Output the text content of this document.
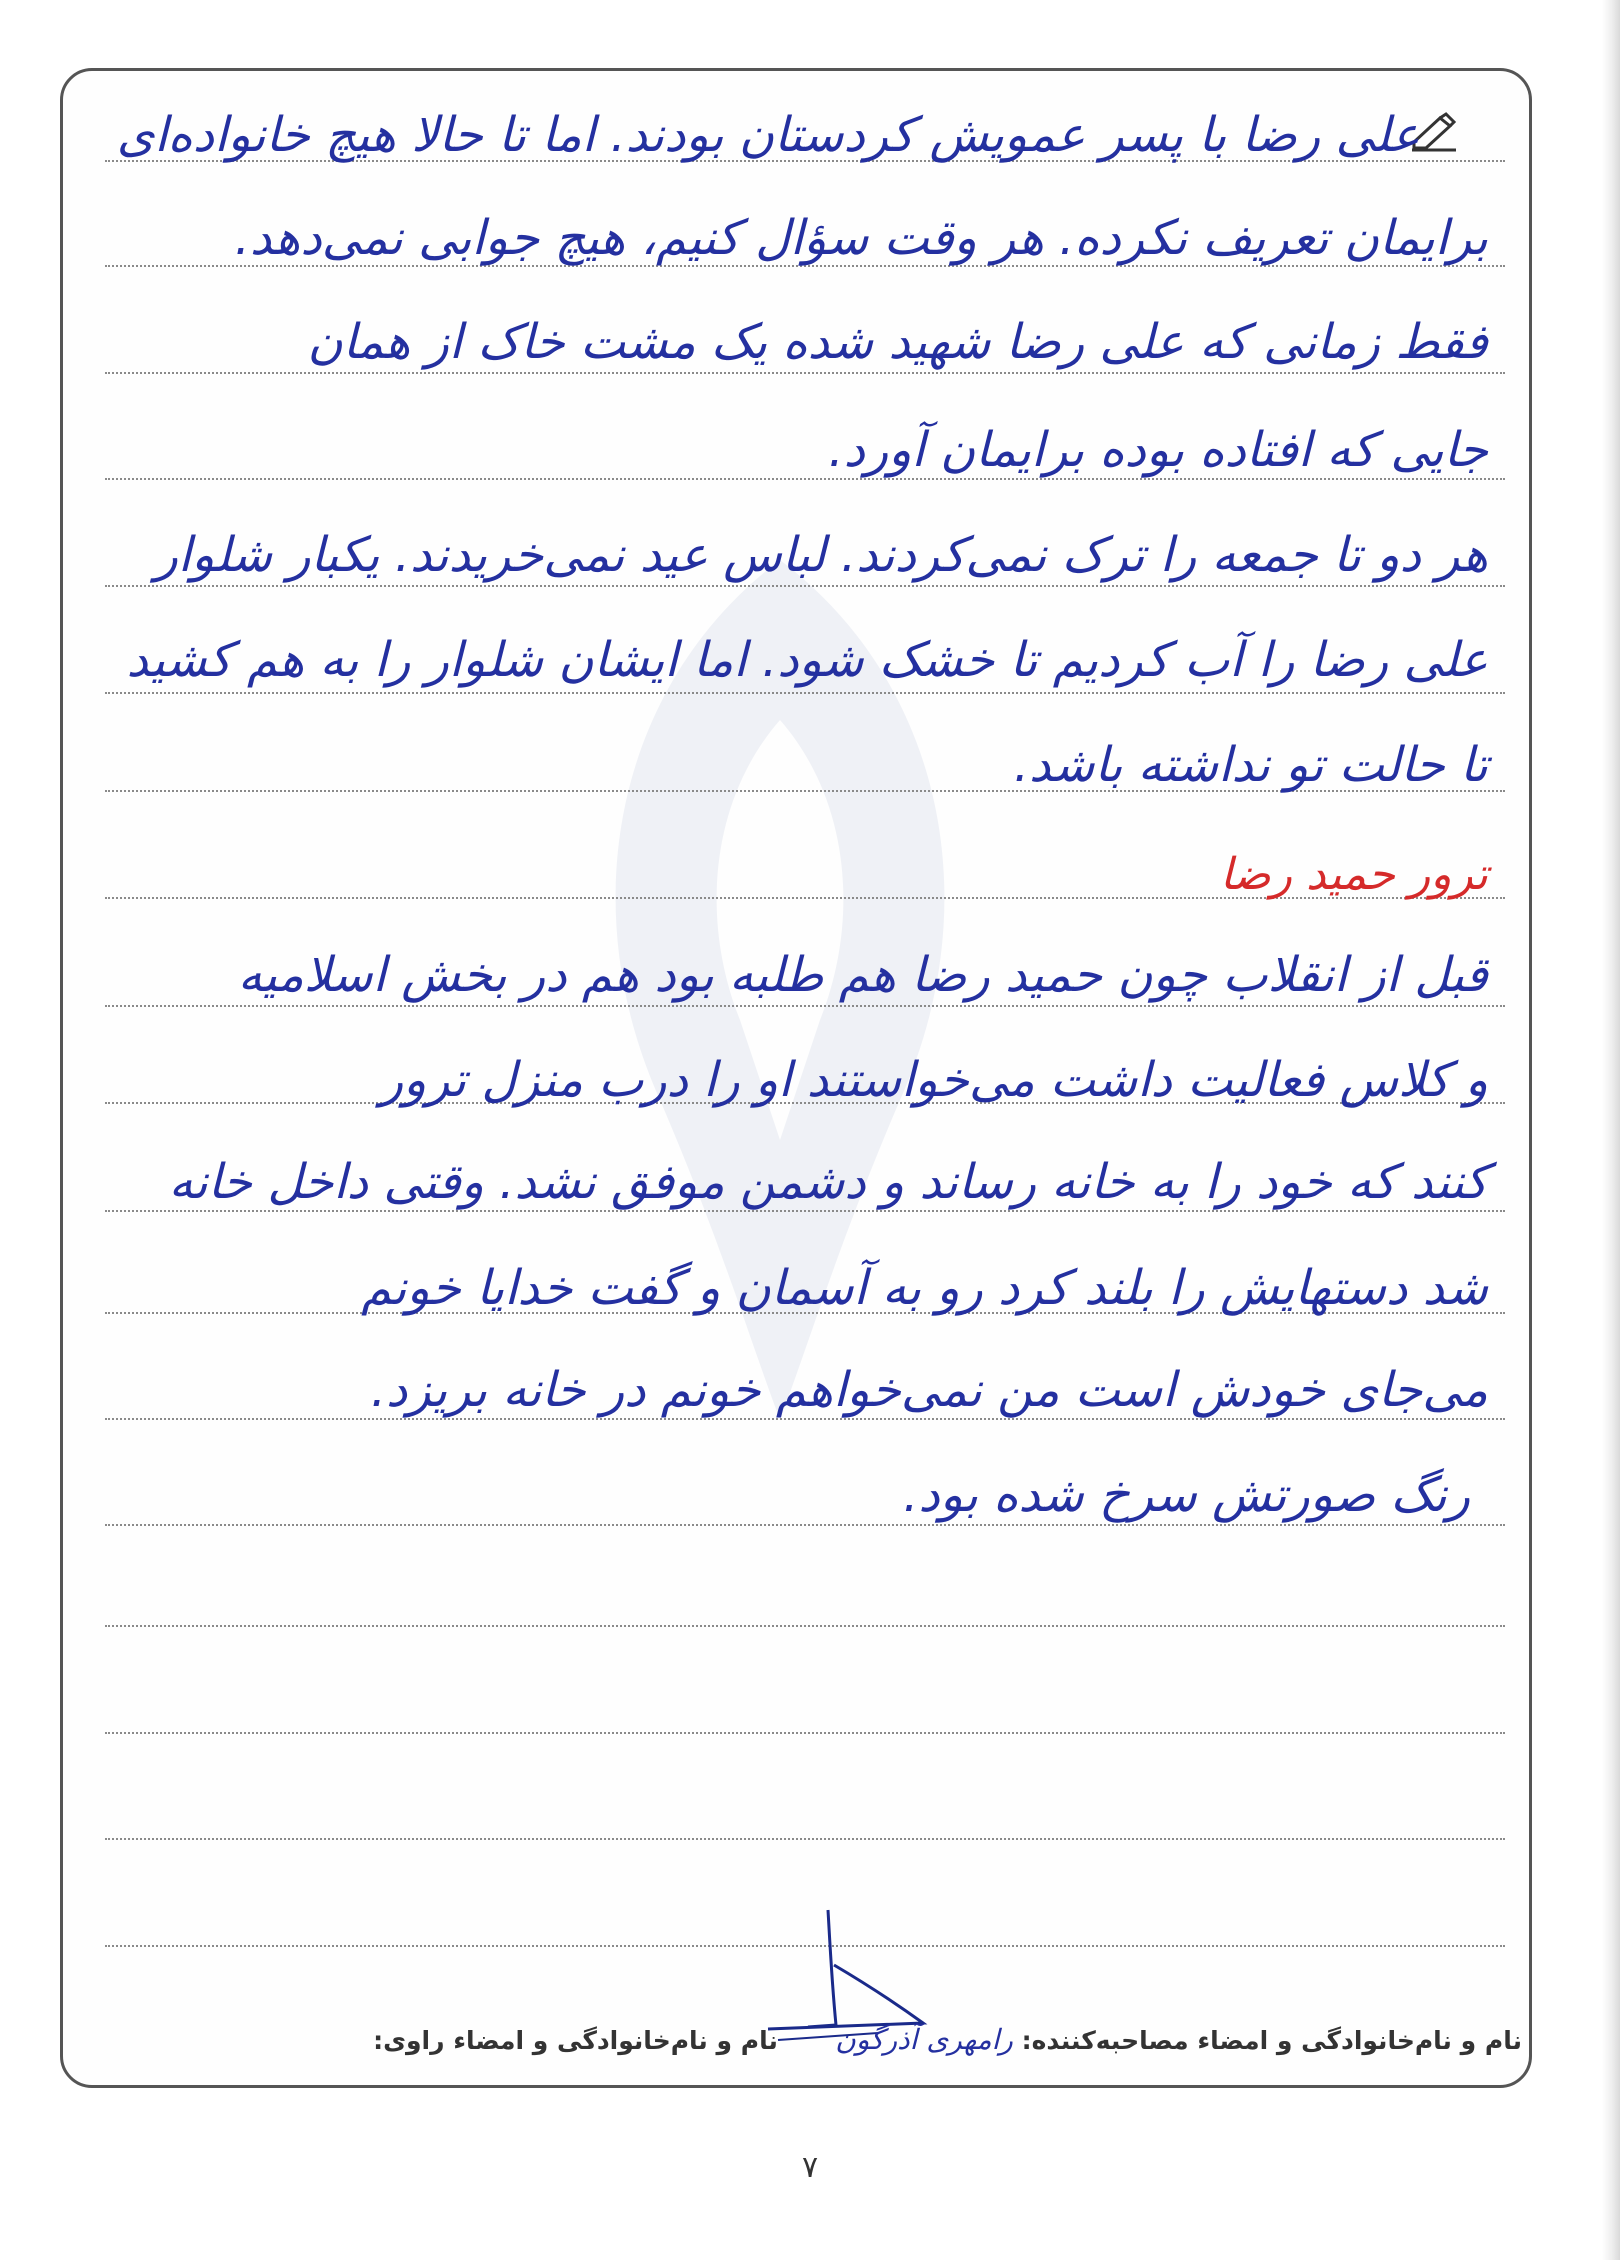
علی رضا با پسر عمویش کردستان بودند. اما تا حالا هیچ خانواده‌ای
برایمان تعریف نکرده. هر وقت سؤال کنیم، هیچ جوابی نمی‌دهد.
فقط زمانی که علی رضا شهید شده یک مشت خاک از همان
جایی که افتاده بوده برایمان آورد.
هر دو تا جمعه را ترک نمی‌کردند. لباس عید نمی‌خریدند. یکبار شلوار
علی رضا را آب کردیم تا خشک شود. اما ایشان شلوار را به هم کشید
تا حالت تو نداشته باشد.
ترور حمید رضا
قبل از انقلاب چون حمید رضا هم طلبه بود هم در بخش اسلامیه
و کلاس فعالیت داشت می‌خواستند او را درب منزل ترور
کنند که خود را به خانه رساند و دشمن موفق نشد. وقتی داخل خانه
شد دستهایش را بلند کرد رو به آسمان و گفت خدایا خونم
می‌جای خودش است من نمی‌خواهم خونم در خانه بریزد.
رنگ صورتش سرخ شده بود.
نام و نام‌خانوادگی و امضاء مصاحبه‌کننده: رامهری آذرگون  نام و نام‌خانوادگی و امضاء راوی:
۷
